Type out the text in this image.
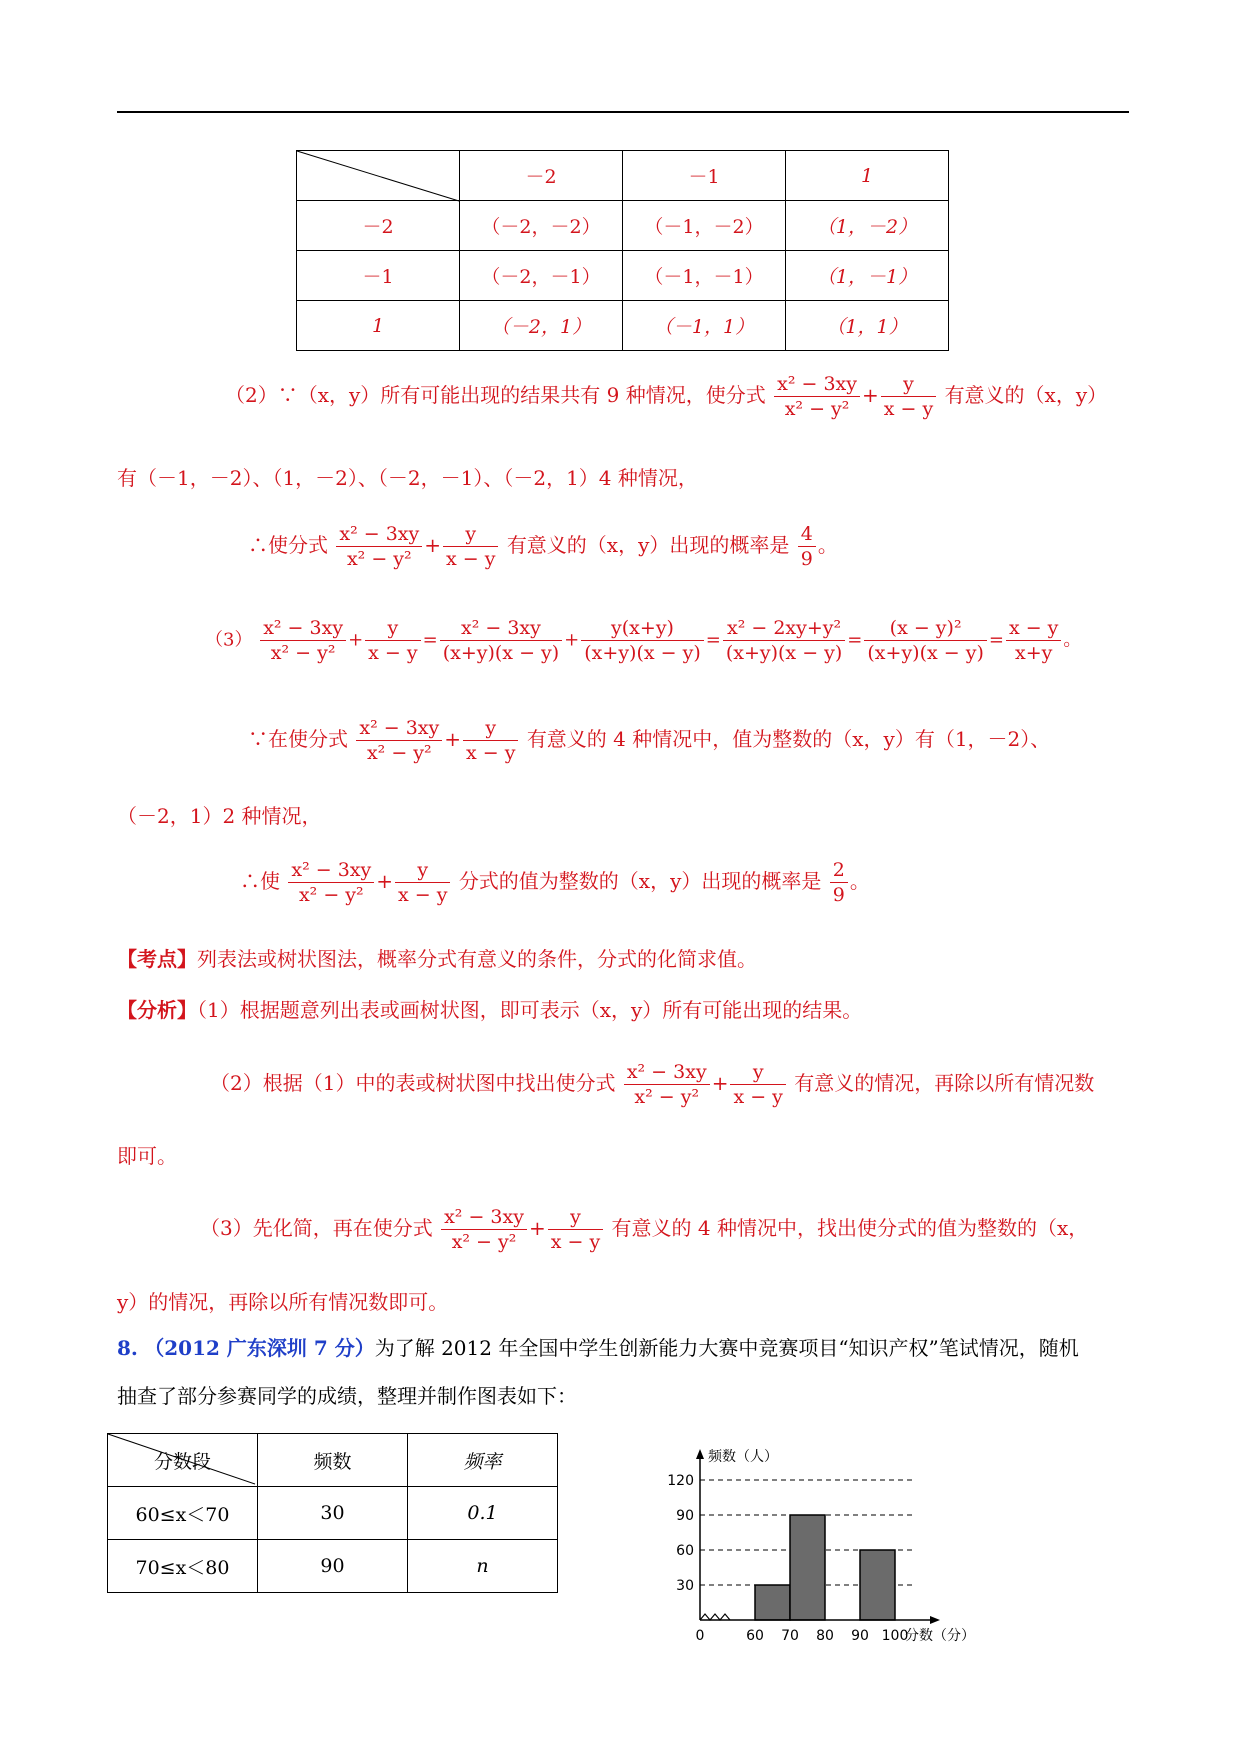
	－2	－1	1
－2	（－2，－2）	（－1，－2）	（1，－2）
－1	（－2，－1）	（－1，－1）	（1，－1）
1	（－2，1）	（－1，1）	（1，1）
（2）∵（x，y）所有可能出现的结果共有 9 种情况，使分式 $\frac{\text{x² − 3xy}}{\text{x² − y²}} + \frac{y}{x - y}$ 有意义的（x，y）
有（－1，－2）、（1，－2）、（－2，－1）、（－2，1）4 种情况，
∴使分式 $\frac{\text{x² − 3xy}}{\text{x² − y²}} + \frac{y}{x - y}$ 有意义的（x，y）出现的概率是 $\frac{4}{9}$ 。
$(3) \frac{\text{x² − 3xy}}{\text{x² − y²}} + \frac{y}{x - y} = \frac{\text{x² − 3xy}}{(x+y)(x - y)} + \frac{y(x+y)}{(x+y)(x - y)} = \frac{\text{x² − 2xy+y²}}{(x+y)(x - y)} = \frac{\text{(x − y)²}}{(x+y)(x - y)} = \frac{x - y}{x+y}$ 。
∵在使分式 $\frac{\text{x² − 3xy}}{\text{x² − y²}} + \frac{y}{x - y}$ 有意义的 4 种情况中，值为整数的（x，y）有（1，－2）、
（－2，1）2 种情况，
∴使 $\frac{\text{x² − 3xy}}{\text{x² − y²}} + \frac{y}{x - y}$ 分式的值为整数的（x，y）出现的概率是 $\frac{2}{9}$ 。
【考点】列表法或树状图法，概率分式有意义的条件，分式的化简求值。
【分析】（1）根据题意列出表或画树状图，即可表示（x，y）所有可能出现的结果。
（2）根据（1）中的表或树状图中找出使分式 $\frac{\text{x² − 3xy}}{\text{x² − y²}} + \frac{y}{x - y}$ 有意义的情况，再除以所有情况数
即可。
（3）先化简，再在使分式 $\frac{\text{x² − 3xy}}{\text{x² − y²}} + \frac{y}{x - y}$ 有意义的 4 种情况中，找出使分式的值为整数的（x，
y）的情况，再除以所有情况数即可。
8. （2012 广东深圳 7 分）为了解 2012 年全国中学生创新能力大赛中竞赛项目“知识产权”笔试情况，随机
抽查了部分参赛同学的成绩，整理并制作图表如下：
分数段	频数	频率
60≤x＜70	30	0.1
70≤x＜80	90	n
30
60
90
120
0	60 70 80 90 100
频数（人）
分数（分）
